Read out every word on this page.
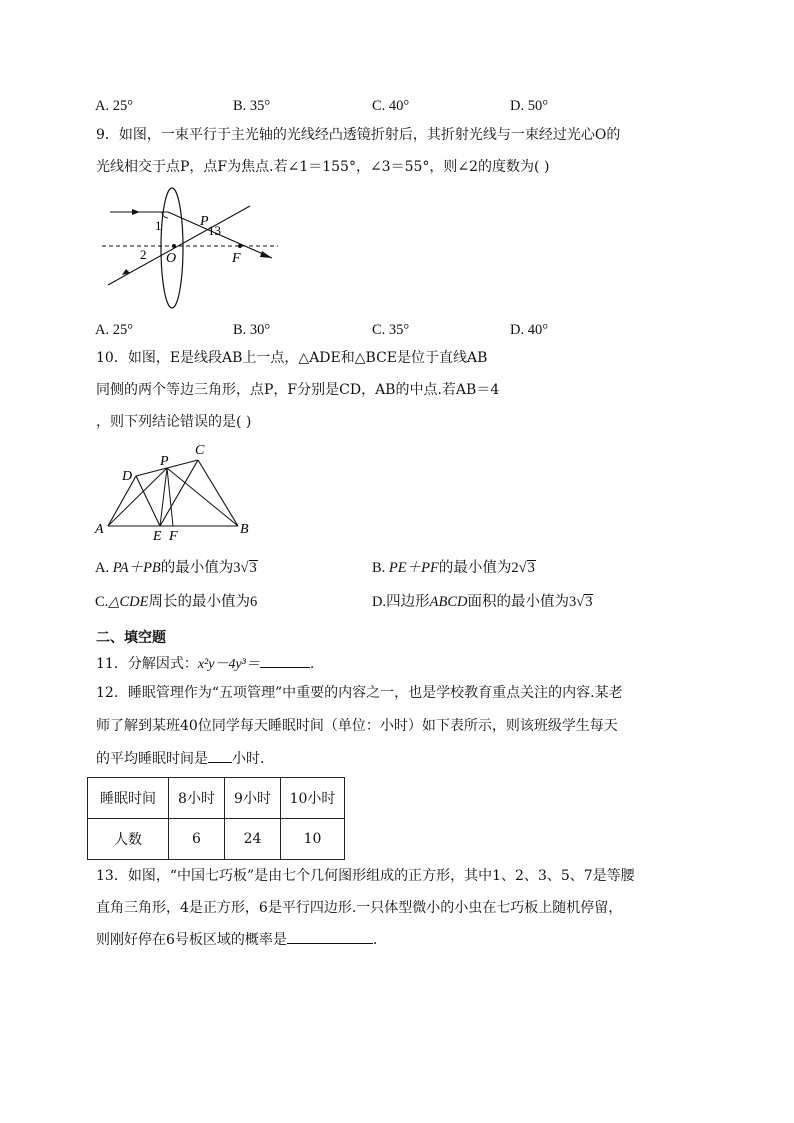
A. 25°	B. 35°	C. 40°	D. 50°
9．如图，一束平行于主光轴的光线经凸透镜折射后，其折射光线与一束经过光心O的
光线相交于点P，点F为焦点.若∠1＝155°，∠3＝55°，则∠2的度数为( )
1	P
13
2 O	F
A. 25°	B. 30°	C. 35°	D. 40°
10．如图，E是线段AB上一点，△ADE和△BCE是位于直线AB
同侧的两个等边三角形，点P，F分别是CD，AB的中点.若AB＝4
，则下列结论错误的是( )
A	B
C
D
P
E F
A. PA＋PB的最小值为3√3	B. PE＋PF的最小值为2√3
C.△CDE周长的最小值为6	D.四边形ABCD面积的最小值为3√3
二、填空题
11．分解因式：x²y－4y³＝	.
12．睡眠管理作为“五项管理”中重要的内容之一，也是学校教育重点关注的内容.某老
师了解到某班40位同学每天睡眠时间（单位：小时）如下表所示，则该班级学生每天
的平均睡眠时间是 小时.
睡眠时间	8小时	9小时	10小时
人数	6	24	10
13．如图，“中国七巧板”是由七个几何图形组成的正方形，其中1、2、3、5、7是等腰
直角三角形，4是正方形，6是平行四边形.一只体型微小的小虫在七巧板上随机停留，
则刚好停在6号板区域的概率是	.
